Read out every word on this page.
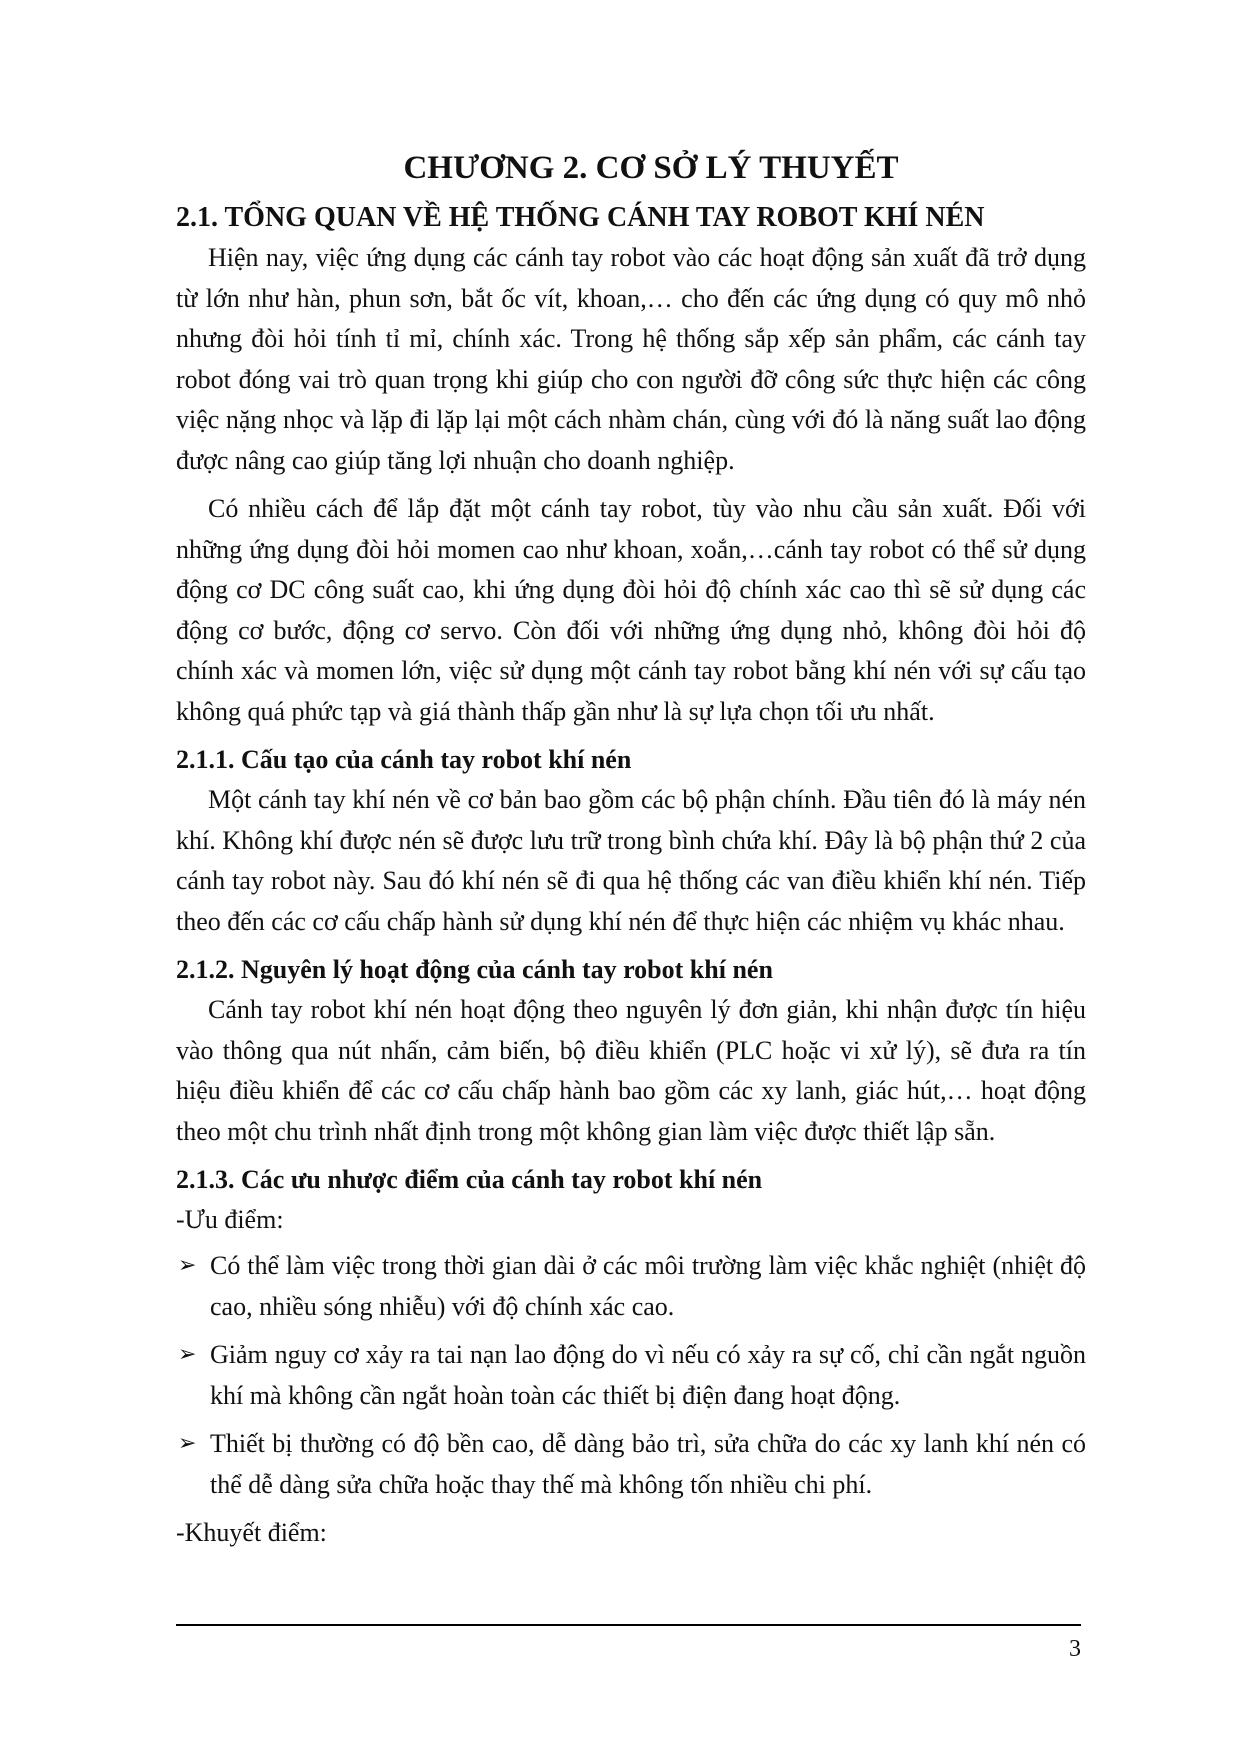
CHƯƠNG 2. CƠ SỞ LÝ THUYẾT
2.1. TỔNG QUAN VỀ HỆ THỐNG CÁNH TAY ROBOT KHÍ NÉN

Hiện nay, việc ứng dụng các cánh tay robot vào các hoạt động sản xuất đã trở dụng từ lớn như hàn, phun sơn, bắt ốc vít, khoan,… cho đến các ứng dụng có quy mô nhỏ nhưng đòi hỏi tính tỉ mỉ, chính xác. Trong hệ thống sắp xếp sản phẩm, các cánh tay robot đóng vai trò quan trọng khi giúp cho con người đỡ công sức thực hiện các công việc nặng nhọc và lặp đi lặp lại một cách nhàm chán, cùng với đó là năng suất lao động được nâng cao giúp tăng lợi nhuận cho doanh nghiệp.

Có nhiều cách để lắp đặt một cánh tay robot, tùy vào nhu cầu sản xuất. Đối với những ứng dụng đòi hỏi momen cao như khoan, xoắn,…cánh tay robot có thể sử dụng động cơ DC công suất cao, khi ứng dụng đòi hỏi độ chính xác cao thì sẽ sử dụng các động cơ bước, động cơ servo. Còn đối với những ứng dụng nhỏ, không đòi hỏi độ chính xác và momen lớn, việc sử dụng một cánh tay robot bằng khí nén với sự cấu tạo không quá phức tạp và giá thành thấp gần như là sự lựa chọn tối ưu nhất.

2.1.1. Cấu tạo của cánh tay robot khí nén

Một cánh tay khí nén về cơ bản bao gồm các bộ phận chính. Đầu tiên đó là máy nén khí. Không khí được nén sẽ được lưu trữ trong bình chứa khí. Đây là bộ phận thứ 2 của cánh tay robot này. Sau đó khí nén sẽ đi qua hệ thống các van điều khiển khí nén. Tiếp theo đến các cơ cấu chấp hành sử dụng khí nén để thực hiện các nhiệm vụ khác nhau.

2.1.2. Nguyên lý hoạt động của cánh tay robot khí nén

Cánh tay robot khí nén hoạt động theo nguyên lý đơn giản, khi nhận được tín hiệu vào thông qua nút nhấn, cảm biến, bộ điều khiển (PLC hoặc vi xử lý), sẽ đưa ra tín hiệu điều khiển để các cơ cấu chấp hành bao gồm các xy lanh, giác hút,… hoạt động theo một chu trình nhất định trong một không gian làm việc được thiết lập sẵn.

2.1.3. Các ưu nhược điểm của cánh tay robot khí nén
-Ưu điểm:
➢ Có thể làm việc trong thời gian dài ở các môi trường làm việc khắc nghiệt (nhiệt độ cao, nhiều sóng nhiễu) với độ chính xác cao.
➢ Giảm nguy cơ xảy ra tai nạn lao động do vì nếu có xảy ra sự cố, chỉ cần ngắt nguồn khí mà không cần ngắt hoàn toàn các thiết bị điện đang hoạt động.
➢ Thiết bị thường có độ bền cao, dễ dàng bảo trì, sửa chữa do các xy lanh khí nén có thể dễ dàng sửa chữa hoặc thay thế mà không tốn nhiều chi phí.
-Khuyết điểm:
3
